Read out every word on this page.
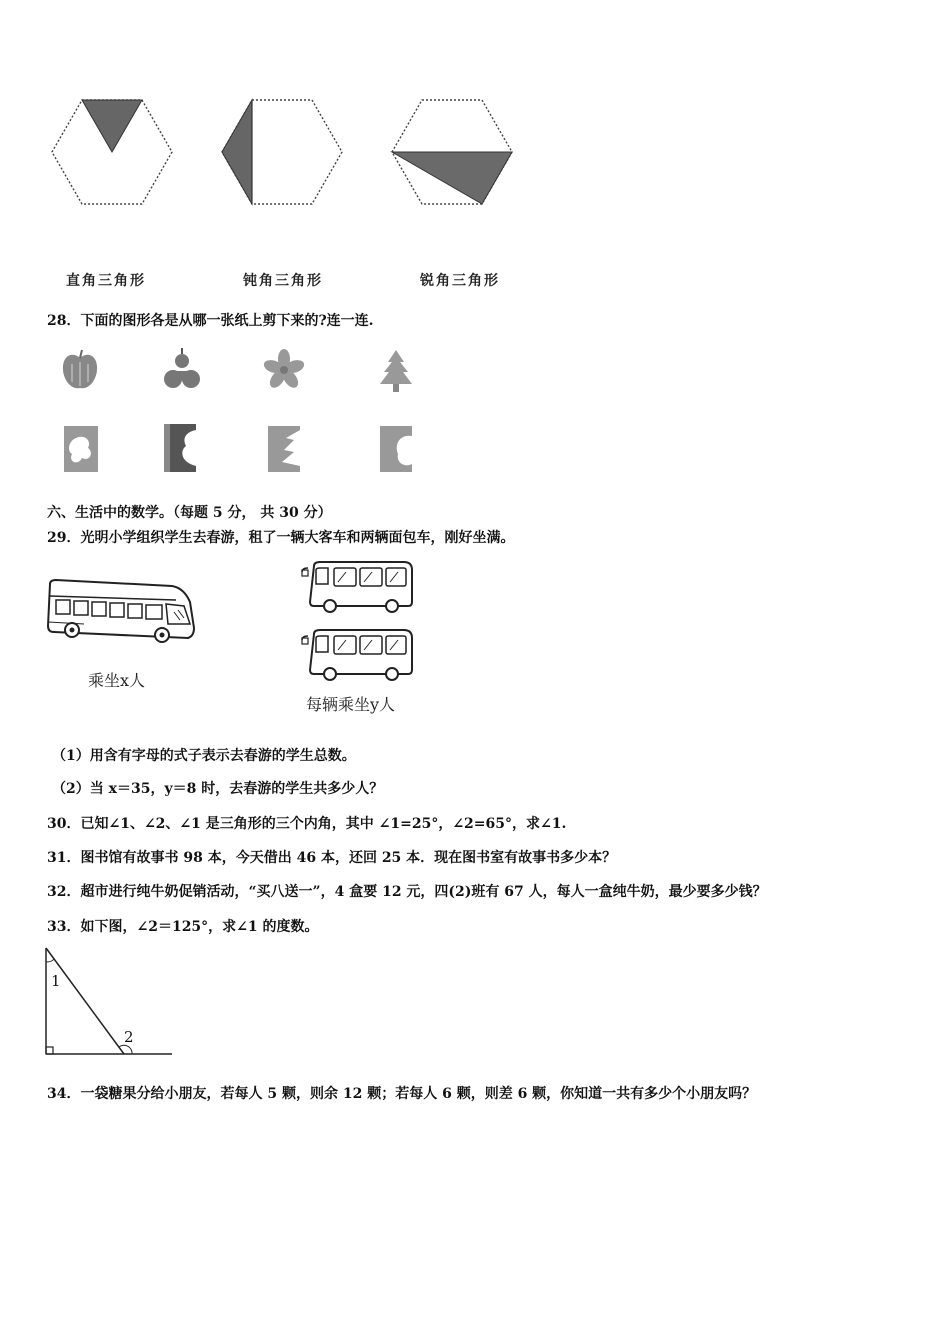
直角三角形	钝角三角形	锐角三角形
28．下面的图形各是从哪一张纸上剪下来的?连一连.
六、生活中的数学。（每题 5 分， 共 30 分）
29．光明小学组织学生去春游，租了一辆大客车和两辆面包车，刚好坐满。
乘坐x人
每辆乘坐y人
（1）用含有字母的式子表示去春游的学生总数。
（2）当 x＝35，y＝8 时，去春游的学生共多少人？
30．已知∠1、∠2、∠1 是三角形的三个内角，其中 ∠1=25°，∠2=65°，求∠1.
31．图书馆有故事书 98 本，今天借出 46 本，还回 25 本．现在图书室有故事书多少本？
32．超市进行纯牛奶促销活动，“买八送一”，4 盒要 12 元，四(2)班有 67 人，每人一盒纯牛奶，最少要多少钱？
33．如下图，∠2＝125°，求∠1 的度数。
1
2
34．一袋糖果分给小朋友，若每人 5 颗，则余 12 颗；若每人 6 颗，则差 6 颗，你知道一共有多少个小朋友吗？
